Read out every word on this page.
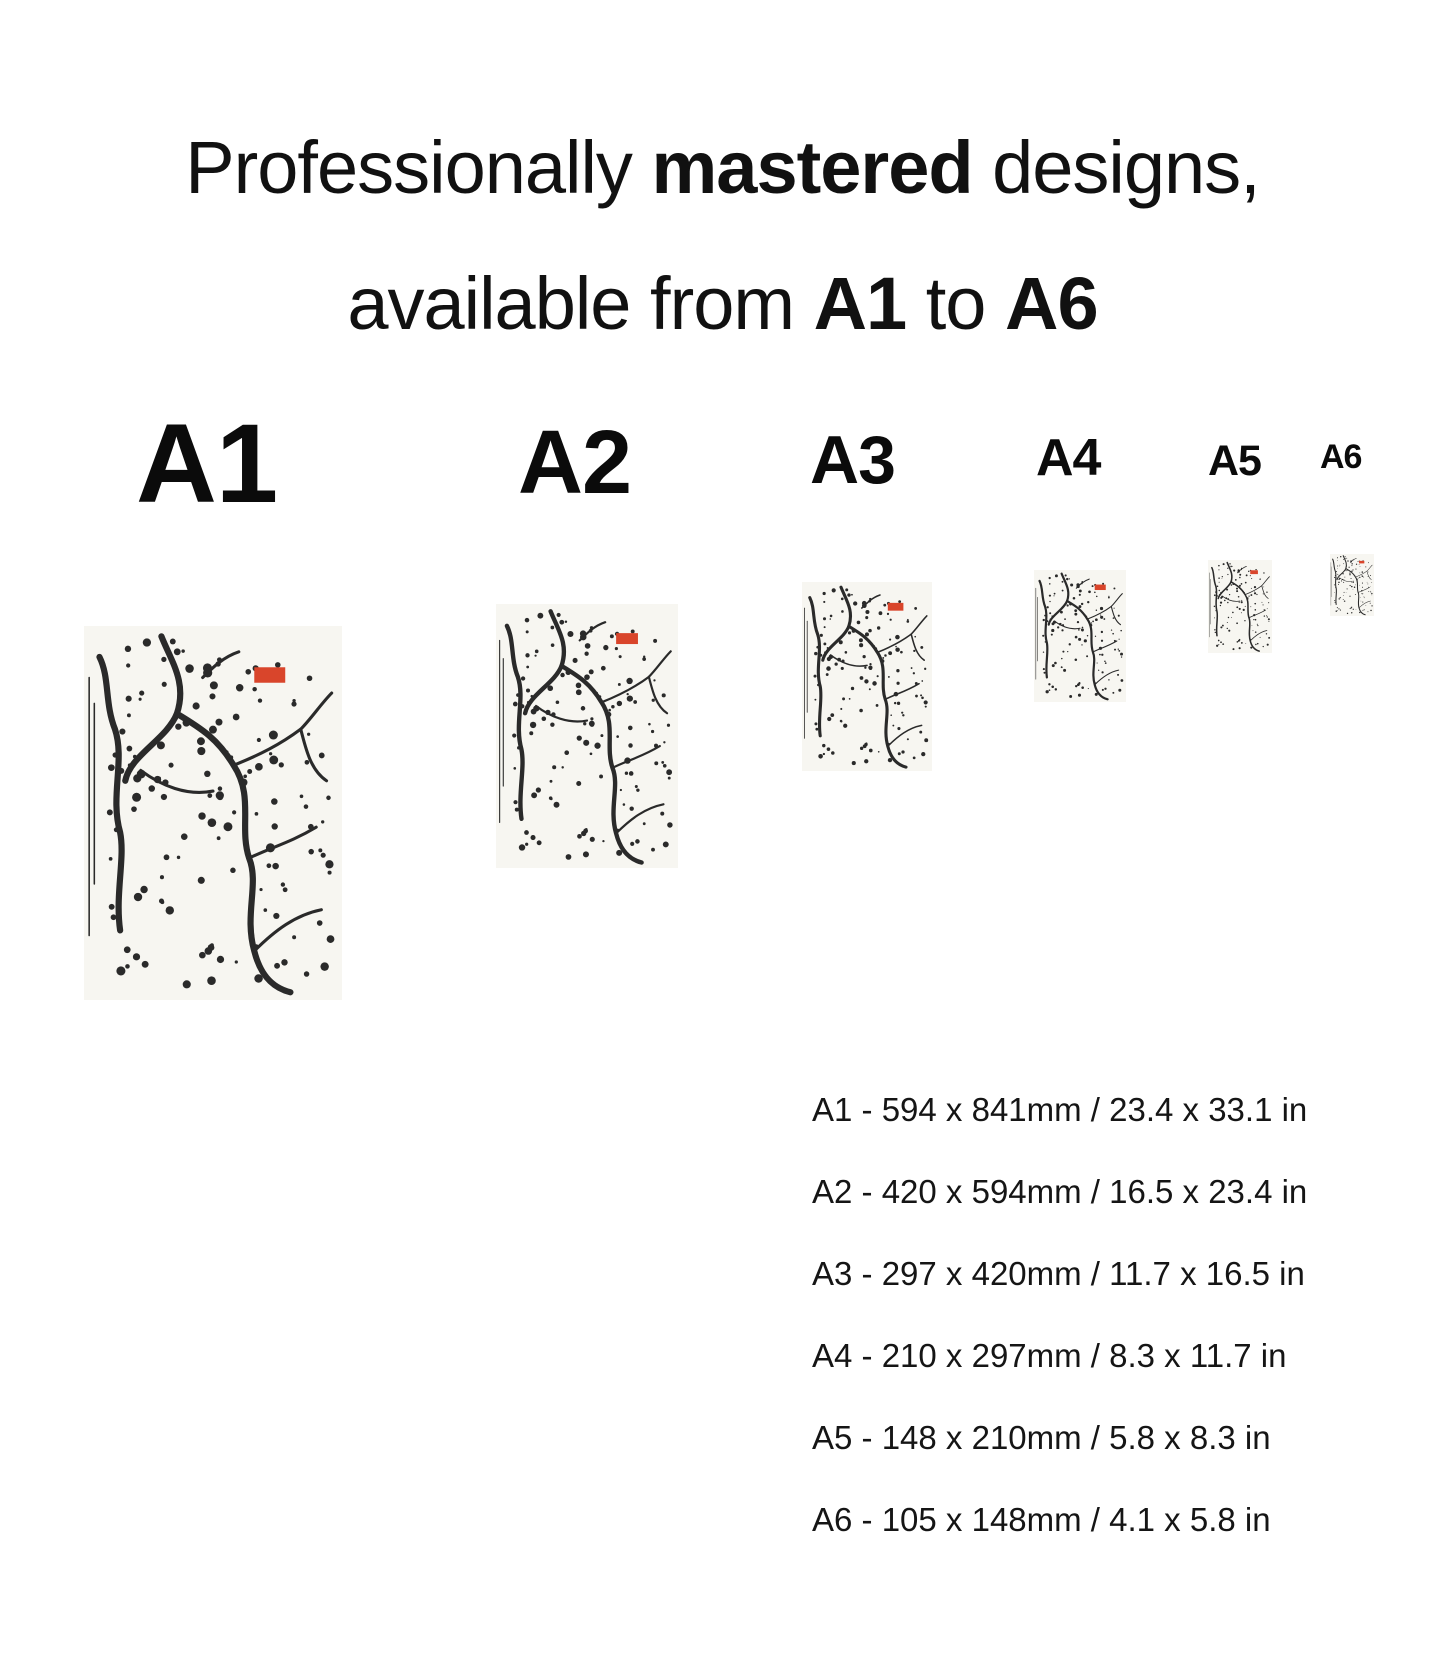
Professionally mastered designs,
available from A1 to A6
A1	A2	A3	A4	A5 A6
A1 - 594 x 841mm / 23.4 x 33.1 in
A2 - 420 x 594mm / 16.5 x 23.4 in
A3 - 297 x 420mm / 11.7 x 16.5 in
A4 - 210 x 297mm / 8.3 x 11.7 in
A5 - 148 x 210mm / 5.8 x 8.3 in
A6 - 105 x 148mm / 4.1 x 5.8 in
